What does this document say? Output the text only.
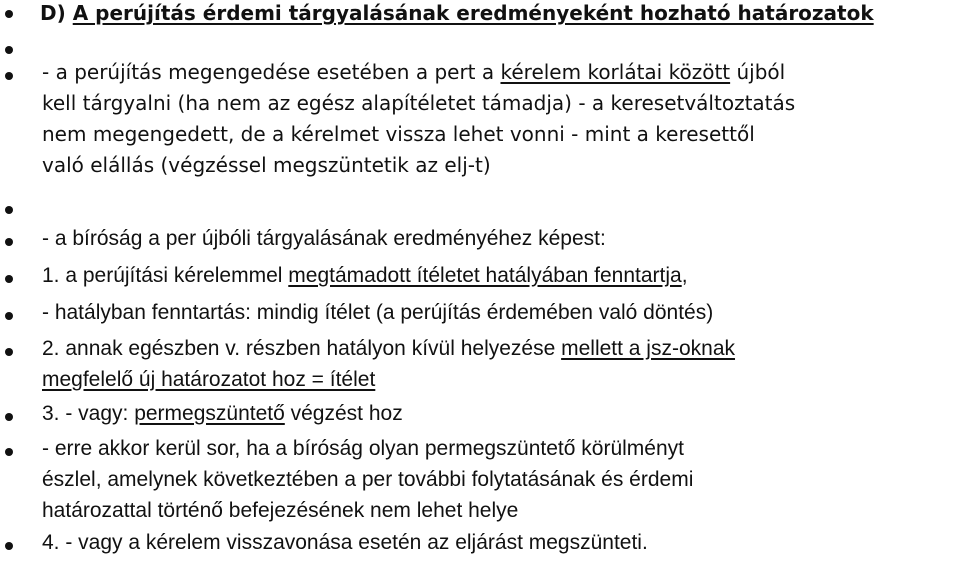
D) A perújítás érdemi tárgyalásának eredményeként hozható határozatok
- a perújítás megengedése esetében a pert a kérelem korlátai között újból
kell tárgyalni (ha nem az egész alapítéletet támadja) - a keresetváltoztatás
nem megengedett, de a kérelmet vissza lehet vonni - mint a keresettől
való elállás (végzéssel megszüntetik az elj-t)
- a bíróság a per újbóli tárgyalásának eredményéhez képest:
1. a perújítási kérelemmel megtámadott ítéletet hatályában fenntartja,
- hatályban fenntartás: mindig ítélet (a perújítás érdemében való döntés)
2. annak egészben v. részben hatályon kívül helyezése mellett a jsz-oknak
megfelelő új határozatot hoz = ítélet
3. - vagy: permegszüntető végzést hoz
- erre akkor kerül sor, ha a bíróság olyan permegszüntető körülményt
észlel, amelynek következtében a per további folytatásának és érdemi
határozattal történő befejezésének nem lehet helye
4. - vagy a kérelem visszavonása esetén az eljárást megszünteti.
